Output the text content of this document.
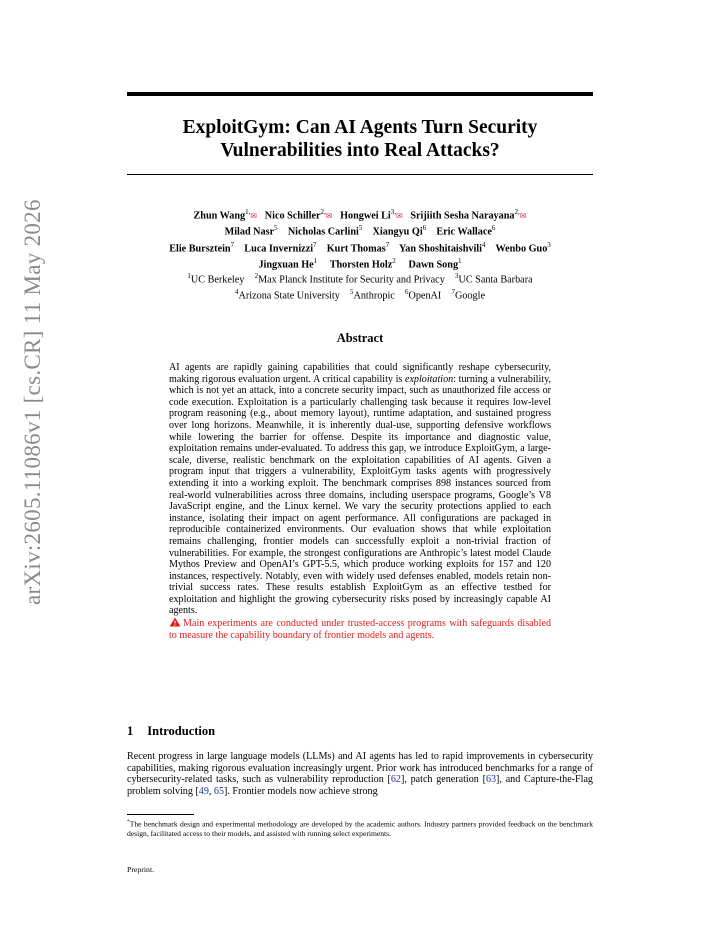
arXiv:2605.11086v1 [cs.CR] 11 May 2026
ExploitGym: Can AI Agents Turn Security
Vulnerabilities into Real Attacks?
Zhun Wang$^{1,}$✉ Nico Schiller$^{2,}$✉ Hongwei $Li^{3,}✉$ Srijiith Sesha Narayana$^{2,}$✉
Milad Nasr$^5$ Nicholas Carlini$^5$ Xiangyu Qi$^6$ Eric Wallace$^6$
Elie Bursztein$^7$ Luca Invernizzi$^7$ Kurt Thomas$^7$ Yan Shoshitaishvili$^4$ Wenbo Guo$^3$
Jingxuan He$^1$ Thorsten Holz$^2$ Dawn Song$^1$
$^1$UC Berkeley $^2$Max Planck Institute for Security and Privacy $^3$UC Santa Barbara
$^4$Arizona State University $^5$Anthropic $^6$OpenAI $^7$Google
Abstract

AI agents are rapidly gaining capabilities that could significantly reshape cybersecurity, making rigorous evaluation urgent. A critical capability is exploitation: turning a vulnerability, which is not yet an attack, into a concrete security impact, such as unauthorized file access or code execution. Exploitation is a particularly challenging task because it requires low-level program reasoning (e.g., about memory layout), runtime adaptation, and sustained progress over long horizons. Meanwhile, it is inherently dual-use, supporting defensive workflows while lowering the barrier for offense. Despite its importance and diagnostic value, exploitation remains under-evaluated. To address this gap, we introduce ExploitGym, a large-scale, diverse, realistic benchmark on the exploitation capabilities of AI agents. Given a program input that triggers a vulnerability, ExploitGym tasks agents with progressively extending it into a working exploit. The benchmark comprises 898 instances sourced from real-world vulnerabilities across three domains, including userspace programs, Google’s V8 JavaScript engine, and the Linux kernel. We vary the security protections applied to each instance, isolating their impact on agent performance. All configurations are packaged in reproducible containerized environments. Our evaluation shows that while exploitation remains challenging, frontier models can successfully exploit a non-trivial fraction of vulnerabilities. For example, the strongest configurations are Anthropic’s latest model Claude Mythos Preview and OpenAI’s GPT-5.5, which produce working exploits for 157 and 120 instances, respectively. Notably, even with widely used defenses enabled, models retain non-trivial success rates. These results establish ExploitGym as an effective testbed for exploitation and highlight the growing cybersecurity risks posed by increasingly capable AI agents.

Main experiments are conducted under trusted-access programs with safeguards disabled to measure the capability boundary of frontier models and agents.

1 Introduction

Recent progress in large language models (LLMs) and AI agents has led to rapid improvements in cybersecurity capabilities, making rigorous evaluation increasingly urgent. Prior work has introduced benchmarks for a range of cybersecurity-related tasks, such as vulnerability reproduction [62], patch generation [63], and Capture-the-Flag problem solving [49, 65]. Frontier models now achieve strong

*The benchmark design and experimental methodology are developed by the academic authors. Industry partners provided feedback on the benchmark design, facilitated access to their models, and assisted with running select experiments.

Preprint.
